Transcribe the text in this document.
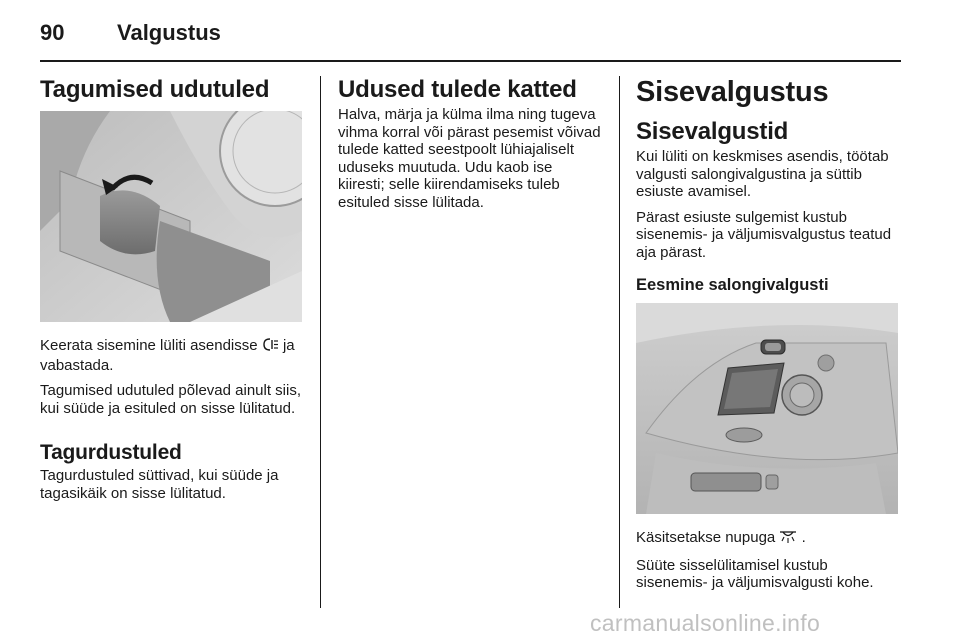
90 Valgustus
Tagumised udutuled

Keerata sisemine lüliti asendisse ja vabastada.

Tagumised udutuled põlevad ainult siis, kui süüde ja esituled on sisse lülitatud.

Tagurdustuled

Tagurdustuled süttivad, kui süüde ja tagasikäik on sisse lülitatud.

Udused tulede katted

Halva, märja ja külma ilma ning tugeva vihma korral või pärast pesemist võivad tulede katted seestpoolt lühiajaliselt uduseks muutuda. Udu kaob ise kiiresti; selle kiirendamiseks tuleb esituled sisse lülitada.

Sisevalgustus
Sisevalgustid

Kui lüliti on keskmises asendis, töötab valgusti salongivalgustina ja süttib esiuste avamisel.

Pärast esiuste sulgemist kustub sisenemis- ja väljumisvalgustus teatud aja pärast.

Eesmine salongivalgusti

Käsitsetakse nupuga .

Süüte sisselülitamisel kustub sisenemis- ja väljumisvalgusti kohe.

carmanualsonline.info
